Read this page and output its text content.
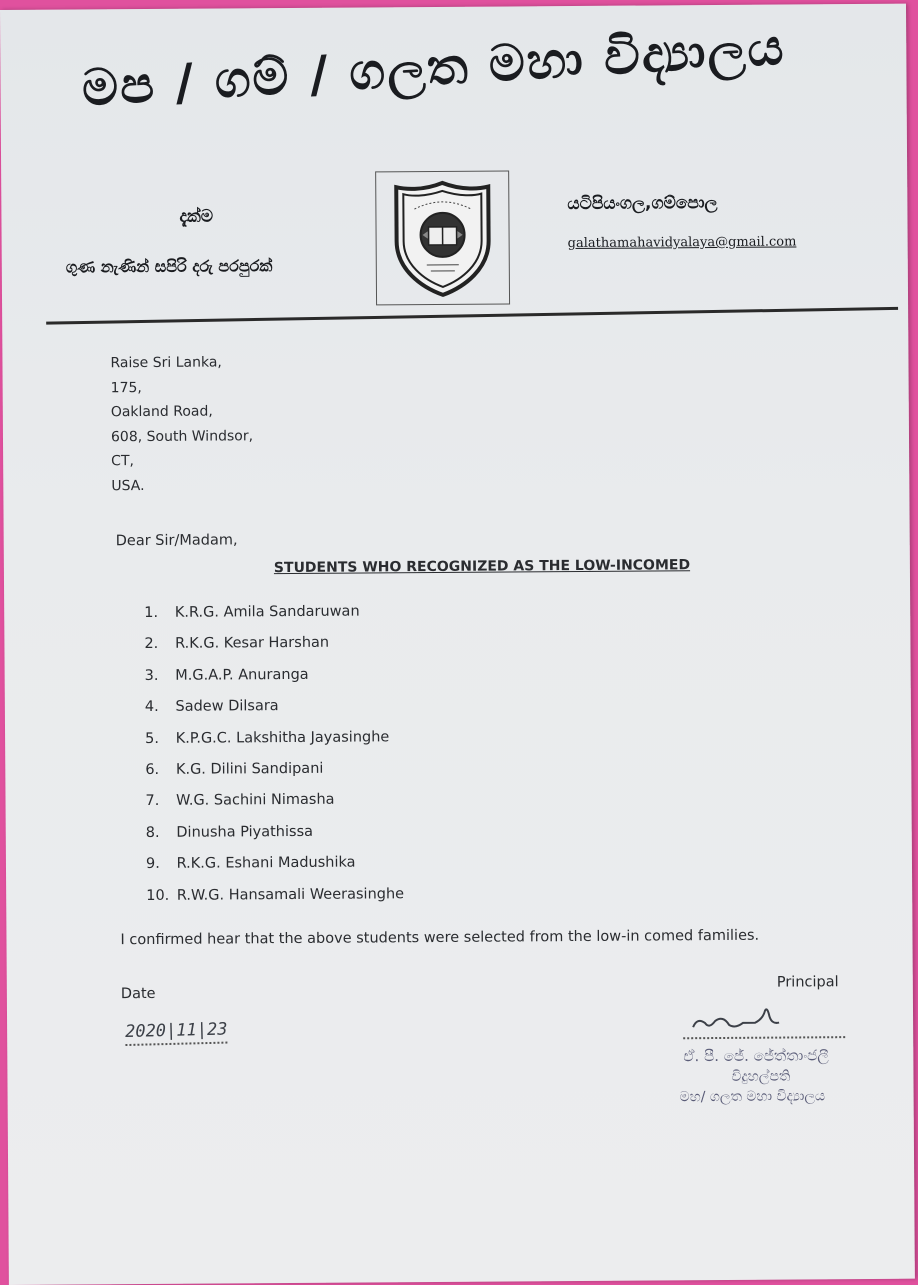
මප / ගම් / ගලත මහා විද්‍යාලය
දැක්ම
ගුණ නැණින් සපිරි දරු පරපුරක්
යටිපියංගල,ගම්පොල
galathamahavidyalaya@gmail.com
Raise Sri Lanka,
175,
Oakland Road,
608, South Windsor,
CT,
USA.
Dear Sir/Madam,
STUDENTS WHO RECOGNIZED AS THE LOW-INCOMED
1. K.R.G. Amila Sandaruwan
2. R.K.G. Kesar Harshan
3. M.G.A.P. Anuranga
4. Sadew Dilsara
5. K.P.G.C. Lakshitha Jayasinghe
6. K.G. Dilini Sandipani
7. W.G. Sachini Nimasha
8. Dinusha Piyathissa
9. R.K.G. Eshani Madushika
10. R.W.G. Hansamali Weerasinghe
I confirmed hear that the above students were selected from the low-in comed families.
Principal
Date
2020|11|23
ඒ. පී. ජේ. ජේත්තාංජලී
විදුහල්පති
මහ/ ගලත මහා විද්‍යාලය
